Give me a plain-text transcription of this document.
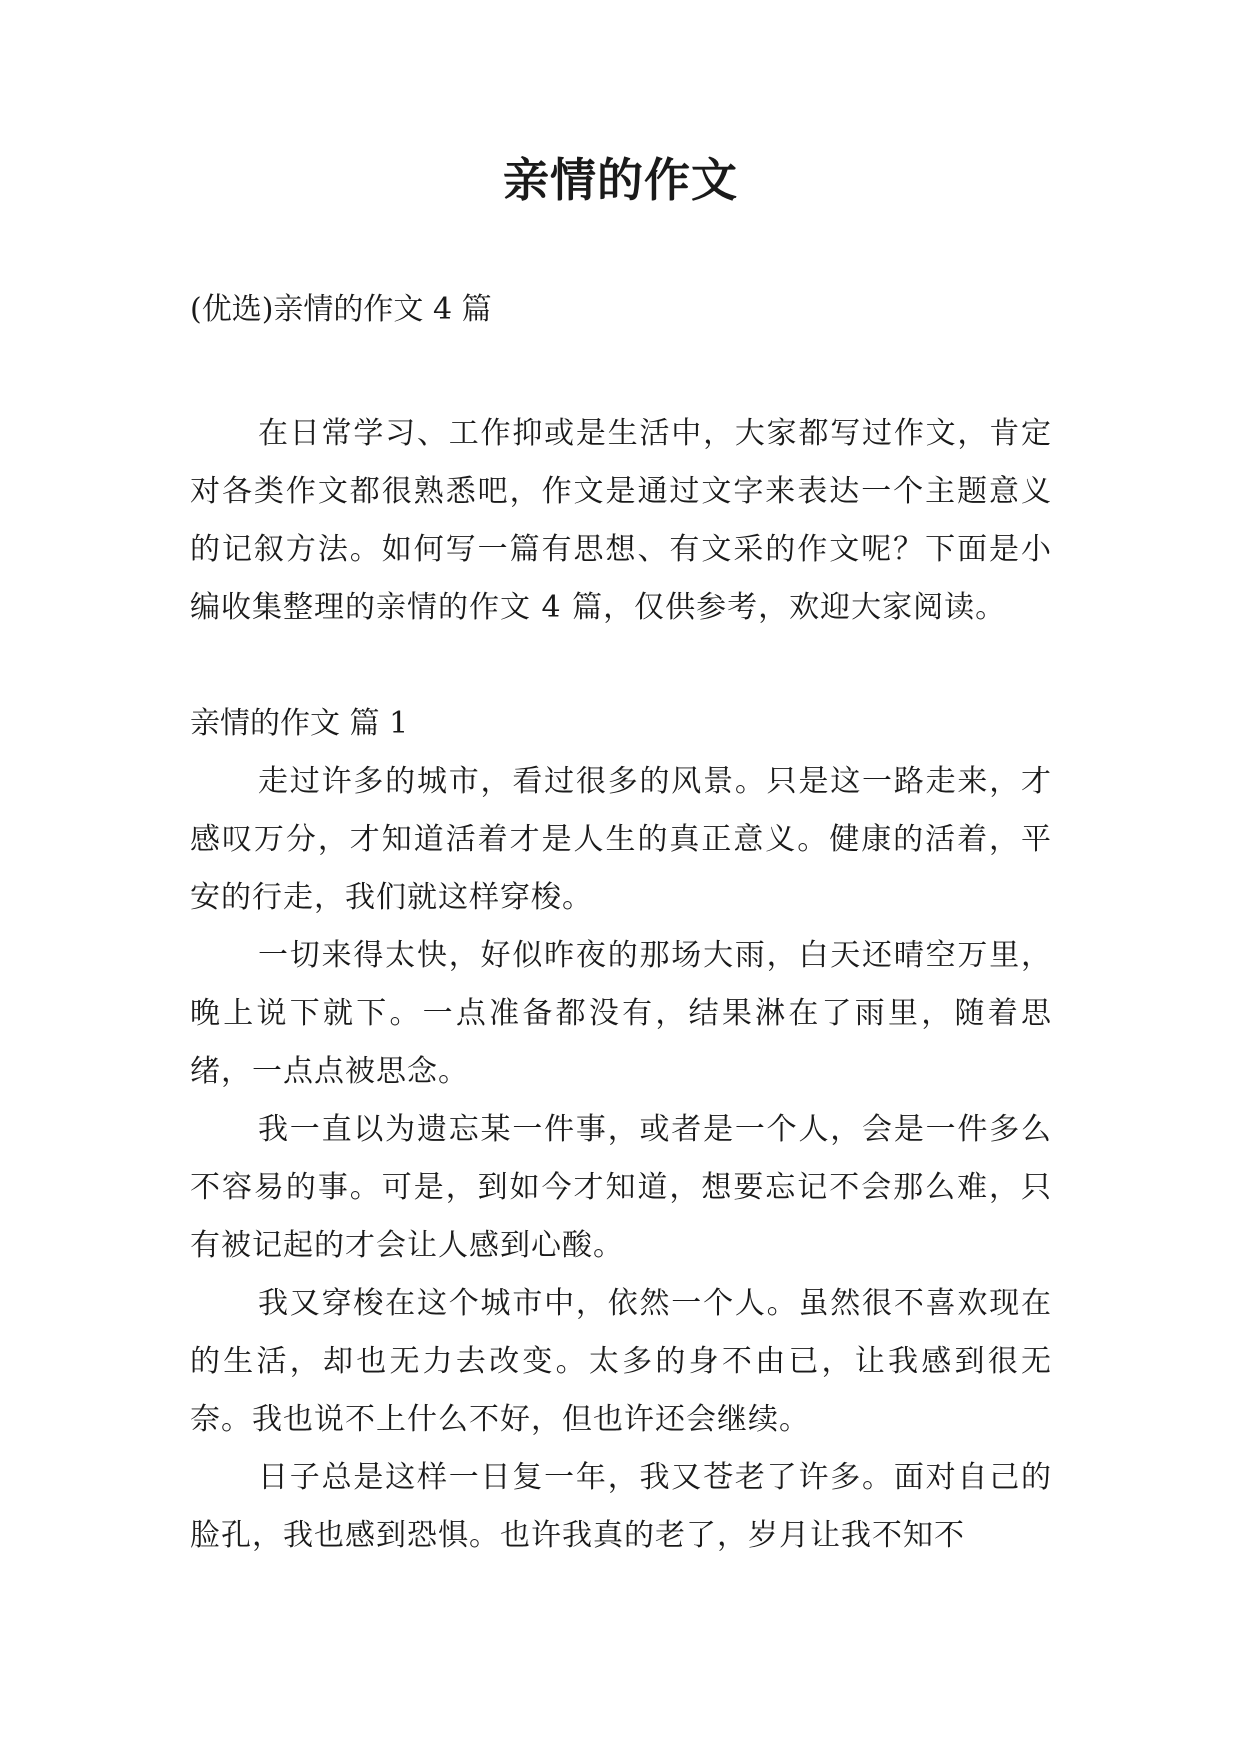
亲情的作文

(优选)亲情的作文 4 篇

在日常学习、工作抑或是生活中，大家都写过作文，肯定对各类作文都很熟悉吧，作文是通过文字来表达一个主题意义的记叙方法。如何写一篇有思想、有文采的作文呢？下面是小编收集整理的亲情的作文 4 篇，仅供参考，欢迎大家阅读。

亲情的作文 篇 1

走过许多的城市，看过很多的风景。只是这一路走来，才感叹万分，才知道活着才是人生的真正意义。健康的活着，平安的行走，我们就这样穿梭。

一切来得太快，好似昨夜的那场大雨，白天还晴空万里，晚上说下就下。一点准备都没有，结果淋在了雨里，随着思绪，一点点被思念。

我一直以为遗忘某一件事，或者是一个人，会是一件多么不容易的事。可是，到如今才知道，想要忘记不会那么难，只有被记起的才会让人感到心酸。

我又穿梭在这个城市中，依然一个人。虽然很不喜欢现在的生活，却也无力去改变。太多的身不由已，让我感到很无奈。我也说不上什么不好，但也许还会继续。

日子总是这样一日复一年，我又苍老了许多。面对自己的脸孔，我也感到恐惧。也许我真的老了，岁月让我不知不
